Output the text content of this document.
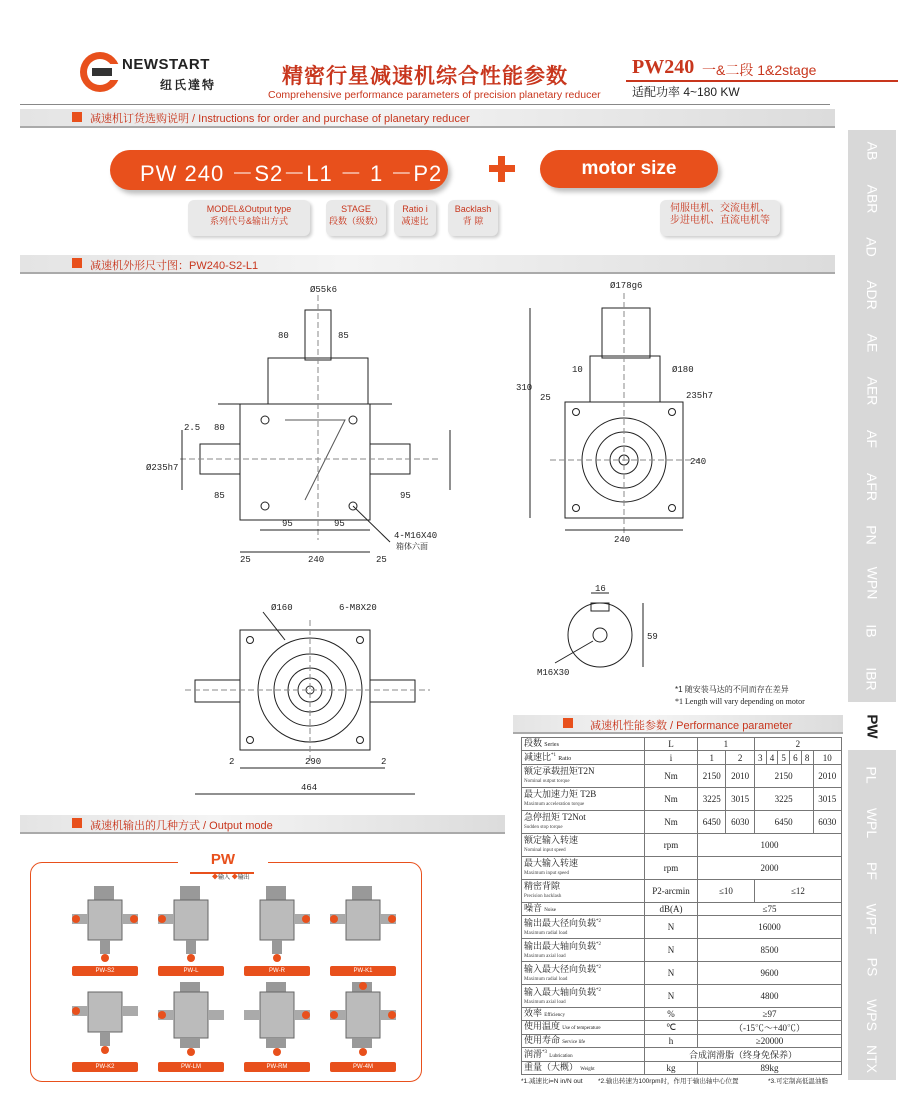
NEWSTART
纽氏達特	精密行星减速机综合性能参数
Comprehensive performance parameters of precision planetary reducer
PW240 一&二段 1&2stage
适配功率 4~180 KW
减速机订货选购说明 / Instructions for order and purchase of planetary reducer
PW 240 －S2－L1 － 1 －P2	motor size
MODEL&Output type
系列代号&输出方式
STAGE
段数（级数）
Ratio i
减速比
Backlash
背 隙
伺服电机、交流电机、
步进电机、直流电机等
减速机外形尺寸图：PW240-S2-L1
Ø55k6
80	85
2.5 80
Ø235h7
85	95
95	95
240
25	25
4-M16X40
箱体六面
Ø178g6
Ø180
235h7
310
10
25
240
240
Ø160	6-M8X20
290
2	2
464
16
59
M16X30
*1 随安装马达的不同而存在差异
*1 Length will vary depending on motor
减速机性能参数 / Performance parameter
段数 Series	L	1		2					
减速比$^{*1}$ Ratio	i	1	2	3	4	5	6	8	10
额定承载扭矩T2N
Nominal output torque	Nm	2150	2010	2150					2010
最大加速力矩 T2B
Maximum acceleration torque	Nm	3225	3015	3225					3015
急停扭矩 T2Not
Sudden stop torque	Nm	6450	6030	6450					6030
额定输入转速
Nominal input speed	rpm	1000							
最大输入转速
Maximum input speed	rpm	2000							
精密背隙
Precision backlash	P2-arcmin	≤10		≤12					
噪音 Noise	dB(A)	≤75							
输出最大径向负载$^{*2}$
Maximum radial load	N	16000							
输出最大轴向负载$^{*2}$
Maximum axial load	N	8500							
输入最大径向负载$^{*2}$
Maximum radial load	N	9600							
输入最大轴向负载$^{*2}$
Maximum axial load	N	4800							
效率 Efficiency	%	≥97							
使用温度 Use of temperature	℃	（-15℃～+40℃）							
使用寿命 Service life	h	≥20000							
润滑$^{*3}$ Lubrication	合成润滑脂（终身免保养）								
重量（大概） Weight	kg	89kg							
*1.减速比i=N in/N out *2.输出转速为100rpm时，作用于输出轴中心位置	*3.可定制高低温油脂
减速机输出的几种方式 / Output mode
PW
◆输入 ◆输出
PW-S2	PW-L	PW-R	PW-K1
PW-K2	PW-LM	PW-RM	PW-4M
AB
ABR
AD
ADR
AE
AER
AF
AFR
PN
WPN
IB
IBR
PW
PL
WPL
PF
WPF
PS
WPS
NTX
